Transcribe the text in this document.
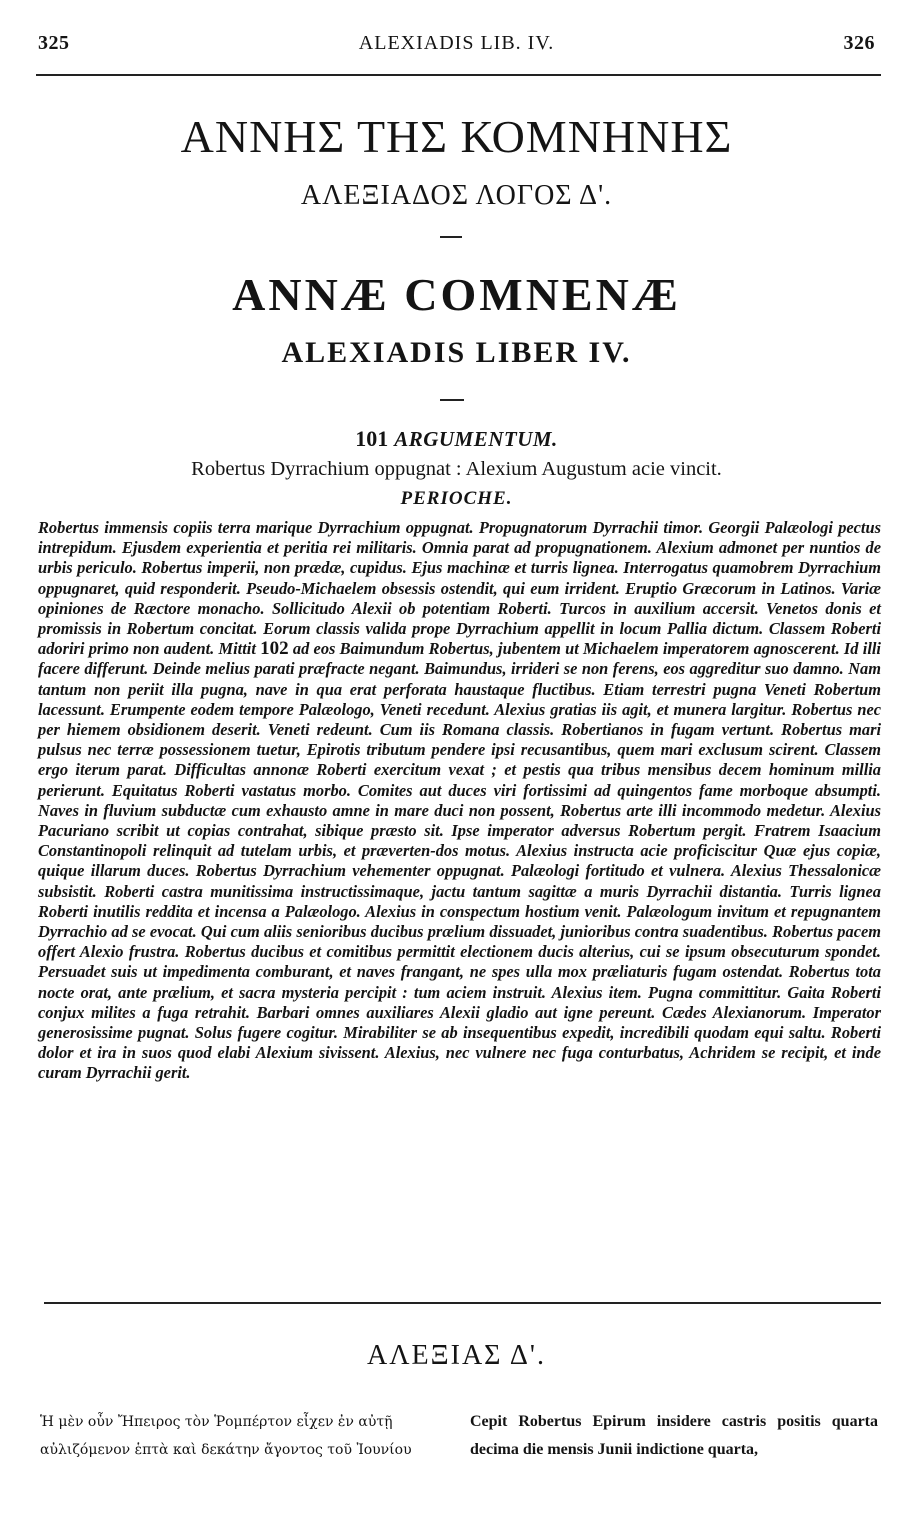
325	ALEXIADIS LIB. IV.	326
ΑΝΝΗΣ ΤΗΣ ΚΟΜΝΗΝΗΣ
ΑΛΕΞΙΑΔΟΣ ΛΟΓΟΣ Δ'.
ANNÆ COMNENÆ
ALEXIADIS LIBER IV.
101 ARGUMENTUM.
Robertus Dyrrachium oppugnat : Alexium Augustum acie vincit.
PERIOCHE.

Robertus immensis copiis terra marique Dyrrachium oppugnat. Propugnatorum Dyrrachii timor. Georgii Palæologi pectus intrepidum. Ejusdem experientia et peritia rei militaris. Omnia parat ad propugnationem. Alexium admonet per nuntios de urbis periculo. Robertus imperii, non prædæ, cupidus. Ejus machinæ et turris lignea. Interrogatus quamobrem Dyrrachium oppugnaret, quid responderit. Pseudo-Michaelem obsessis ostendit, qui eum irrident. Eruptio Græcorum in Latinos. Variæ opiniones de Ræctore monacho. Sollicitudo Alexii ob potentiam Roberti. Turcos in auxilium accersit. Venetos donis et promissis in Robertum concitat. Eorum classis valida prope Dyrrachium appellit in locum Pallia dictum. Classem Roberti adoriri primo non audent. Mittit 102 ad eos Baimundum Robertus, jubentem ut Michaelem imperatorem agnoscerent. Id illi facere differunt. Deinde melius parati præfracte negant. Baimundus, irrideri se non ferens, eos aggreditur suo damno. Nam tantum non periit illa pugna, nave in qua erat perforata haustaque fluctibus. Etiam terrestri pugna Veneti Robertum lacessunt. Erumpente eodem tempore Palæologo, Veneti recedunt. Alexius gratias iis agit, et munera largitur. Robertus nec per hiemem obsidionem deserit. Veneti redeunt. Cum iis Romana classis. Robertianos in fugam vertunt. Robertus mari pulsus nec terræ possessionem tuetur, Epirotis tributum pendere ipsi recusantibus, quem mari exclusum scirent. Classem ergo iterum parat. Difficultas annonæ Roberti exercitum vexat ; et pestis qua tribus mensibus decem hominum millia perierunt. Equitatus Roberti vastatus morbo. Comites aut duces viri fortissimi ad quingentos fame morboque absumpti. Naves in fluvium subductæ cum exhausto amne in mare duci non possent, Robertus arte illi incommodo medetur. Alexius Pacuriano scribit ut copias contrahat, sibique præsto sit. Ipse imperator adversus Robertum pergit. Fratrem Isaacium Constantinopoli relinquit ad tutelam urbis, et præverten-dos motus. Alexius instructa acie proficiscitur Quæ ejus copiæ, quique illarum duces. Robertus Dyrrachium vehementer oppugnat. Palæologi fortitudo et vulnera. Alexius Thessalonicæ subsistit. Roberti castra munitissima instructissimaque, jactu tantum sagittæ a muris Dyrrachii distantia. Turris lignea Roberti inutilis reddita et incensa a Palæologo. Alexius in conspectum hostium venit. Palæologum invitum et repugnantem Dyrrachio ad se evocat. Qui cum aliis senioribus ducibus prælium dissuadet, junioribus contra suadentibus. Robertus pacem offert Alexio frustra. Robertus ducibus et comitibus permittit electionem ducis alterius, cui se ipsum obsecuturum spondet. Persuadet suis ut impedimenta comburant, et naves frangant, ne spes ulla mox præliaturis fugam ostendat. Robertus tota nocte orat, ante prælium, et sacra mysteria percipit : tum aciem instruit. Alexius item. Pugna committitur. Gaita Roberti conjux milites a fuga retrahit. Barbari omnes auxiliares Alexii gladio aut igne pereunt. Cædes Alexianorum. Imperator generosissime pugnat. Solus fugere cogitur. Mirabiliter se ab insequentibus expedit, incredibili quodam equi saltu. Roberti dolor et ira in suos quod elabi Alexium sivissent. Alexius, nec vulnere nec fuga conturbatus, Achridem se recipit, et inde curam Dyrrachii gerit.

ΑΛΕΞΙΑΣ Δ'.

Ἡ μὲν οὖν Ἤπειρος τὸν Ῥομπέρτον εἶχεν ἐν αὐτῇ αὐλιζόμενον ἑπτὰ καὶ δεκάτην ἄγοντος τοῦ Ἰουνίου

Cepit Robertus Epirum insidere castris positis quarta decima die mensis Junii indictione quarta,
